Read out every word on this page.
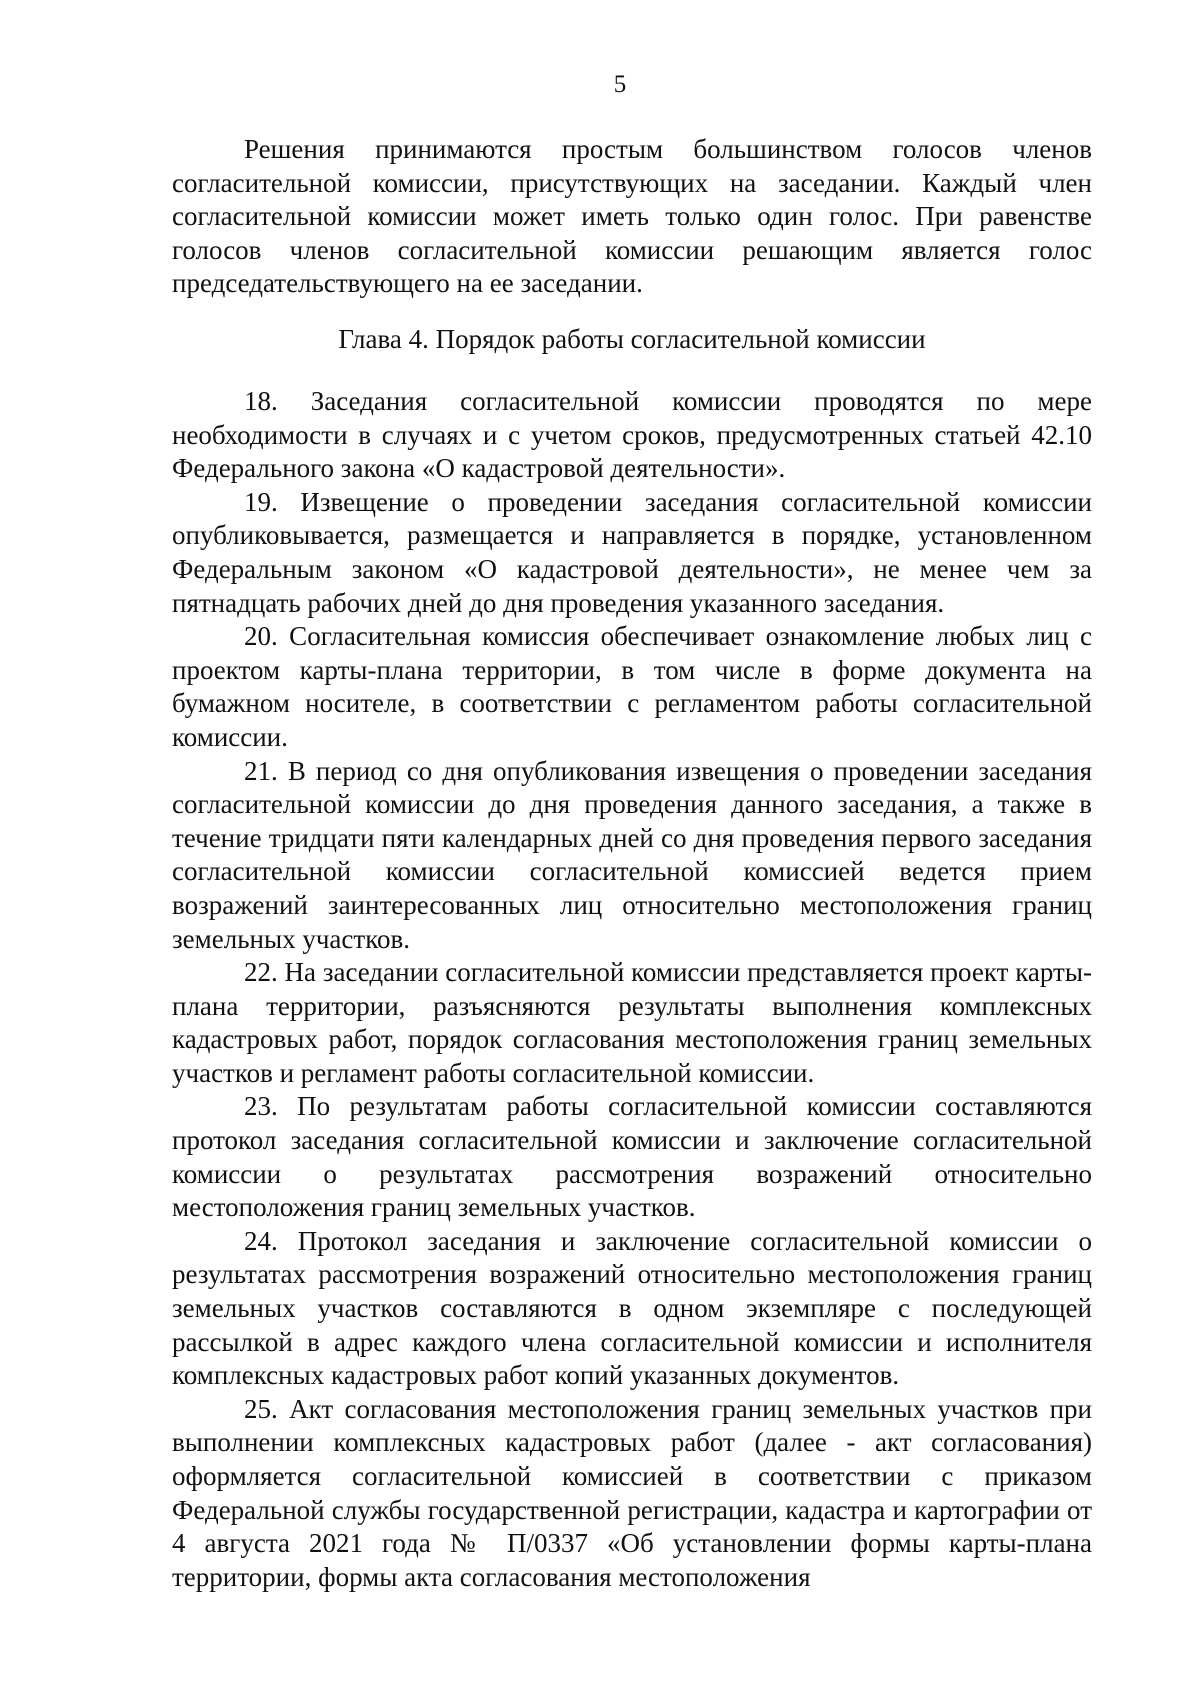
5

Решения принимаются простым большинством голосов членов согласительной комиссии, присутствующих на заседании. Каждый член согласительной комиссии может иметь только один голос. При равенстве голосов членов согласительной комиссии решающим является голос председательствующего на ее заседании.

Глава 4. Порядок работы согласительной комиссии

18. Заседания согласительной комиссии проводятся по мере необходимости в случаях и с учетом сроков, предусмотренных статьей 42.10 Федерального закона «О кадастровой деятельности».

19. Извещение о проведении заседания согласительной комиссии опубликовывается, размещается и направляется в порядке, установленном Федеральным законом «О кадастровой деятельности», не менее чем за пятнадцать рабочих дней до дня проведения указанного заседания.

20. Согласительная комиссия обеспечивает ознакомление любых лиц с проектом карты-плана территории, в том числе в форме документа на бумажном носителе, в соответствии с регламентом работы согласительной комиссии.

21. В период со дня опубликования извещения о проведении заседания согласительной комиссии до дня проведения данного заседания, а также в течение тридцати пяти календарных дней со дня проведения первого заседания согласительной комиссии согласительной комиссией ведется прием возражений заинтересованных лиц относительно местоположения границ земельных участков.

22. На заседании согласительной комиссии представляется проект карты-плана территории, разъясняются результаты выполнения комплексных кадастровых работ, порядок согласования местоположения границ земельных участков и регламент работы согласительной комиссии.

23. По результатам работы согласительной комиссии составляются протокол заседания согласительной комиссии и заключение согласительной комиссии о результатах рассмотрения возражений относительно местоположения границ земельных участков.

24. Протокол заседания и заключение согласительной комиссии о результатах рассмотрения возражений относительно местоположения границ земельных участков составляются в одном экземпляре с последующей рассылкой в адрес каждого члена согласительной комиссии и исполнителя комплексных кадастровых работ копий указанных документов.

25. Акт согласования местоположения границ земельных участков при выполнении комплексных кадастровых работ (далее - акт согласования) оформляется согласительной комиссией в соответствии с приказом Федеральной службы государственной регистрации, кадастра и картографии от 4 августа 2021 года № П/0337 «Об установлении формы карты-плана территории, формы акта согласования местоположения
